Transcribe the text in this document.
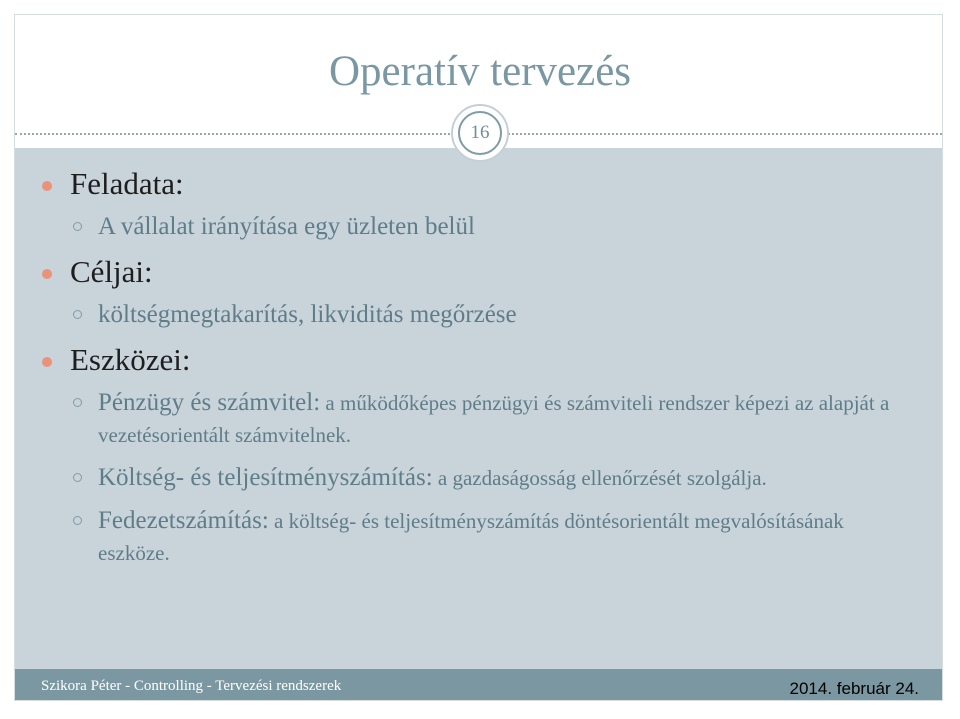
Operatív tervezés
16
Feladata:
A vállalat irányítása egy üzleten belül
Céljai:
költségmegtakarítás, likviditás megőrzése
Eszközei:
Pénzügy és számvitel: a működőképes pénzügyi és számviteli rendszer képezi az alapját a vezetésorientált számvitelnek.
Költség- és teljesítményszámítás: a gazdaságosság ellenőrzését szolgálja.
Fedezetszámítás: a költség- és teljesítményszámítás döntésorientált megvalósításának eszköze.
Szikora Péter - Controlling - Tervezési rendszerek	2014. február 24.
